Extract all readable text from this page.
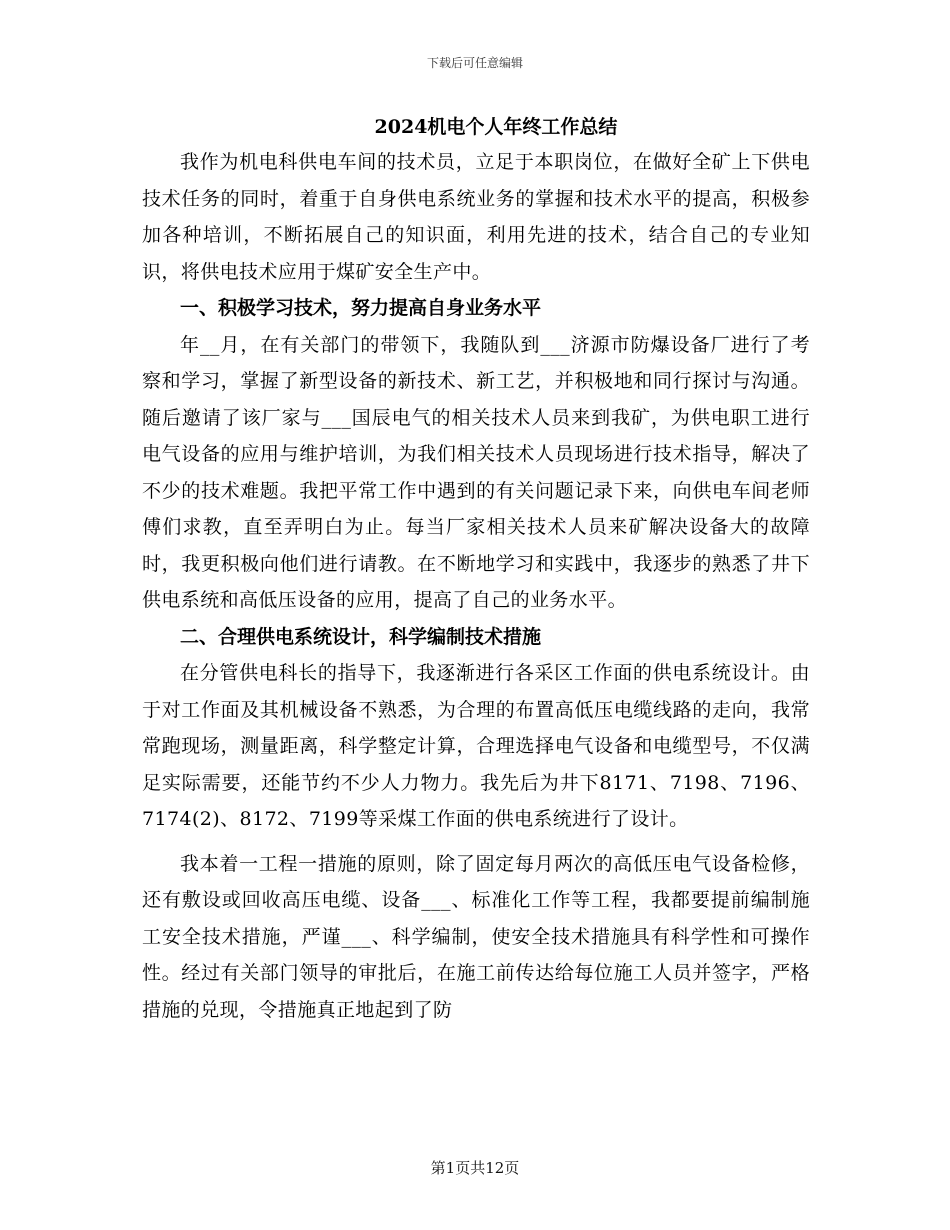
下载后可任意编辑
2024机电个人年终工作总结

我作为机电科供电车间的技术员，立足于本职岗位，在做好全矿上下供电技术任务的同时，着重于自身供电系统业务的掌握和技术水平的提高，积极参加各种培训，不断拓展自己的知识面，利用先进的技术，结合自己的专业知识，将供电技术应用于煤矿安全生产中。

一、积极学习技术，努力提高自身业务水平

年__月，在有关部门的带领下，我随队到___济源市防爆设备厂进行了考察和学习，掌握了新型设备的新技术、新工艺，并积极地和同行探讨与沟通。随后邀请了该厂家与___国辰电气的相关技术人员来到我矿，为供电职工进行电气设备的应用与维护培训，为我们相关技术人员现场进行技术指导，解决了不少的技术难题。我把平常工作中遇到的有关问题记录下来，向供电车间老师傅们求教，直至弄明白为止。每当厂家相关技术人员来矿解决设备大的故障时，我更积极向他们进行请教。在不断地学习和实践中，我逐步的熟悉了井下供电系统和高低压设备的应用，提高了自己的业务水平。

二、合理供电系统设计，科学编制技术措施

在分管供电科长的指导下，我逐渐进行各采区工作面的供电系统设计。由于对工作面及其机械设备不熟悉，为合理的布置高低压电缆线路的走向，我常常跑现场，测量距离，科学整定计算，合理选择电气设备和电缆型号，不仅满足实际需要，还能节约不少人力物力。我先后为井下8171、7198、7196、7174(2)、8172、7199等采煤工作面的供电系统进行了设计。

我本着一工程一措施的原则，除了固定每月两次的高低压电气设备检修，还有敷设或回收高压电缆、设备___、标准化工作等工程，我都要提前编制施工安全技术措施，严谨___、科学编制，使安全技术措施具有科学性和可操作性。经过有关部门领导的审批后，在施工前传达给每位施工人员并签字，严格措施的兑现，令措施真正地起到了防

第1页共12页
